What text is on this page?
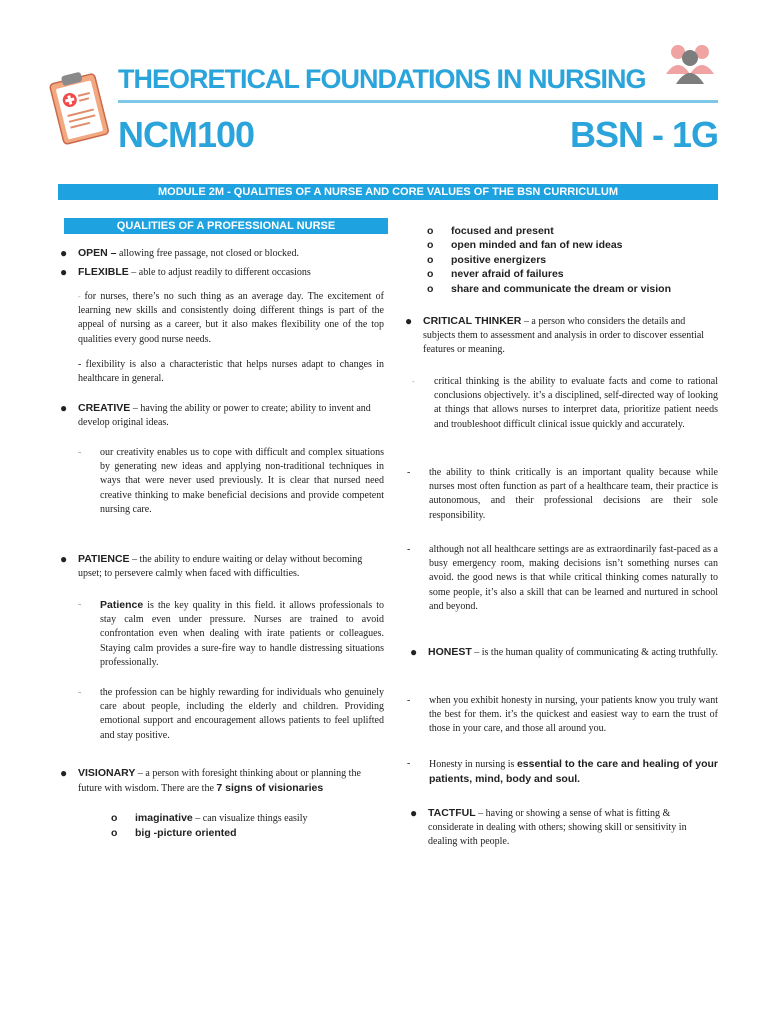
THEORETICAL FOUNDATIONS IN NURSING
NCM100	BSN - 1G
MODULE 2M - QUALITIES OF A NURSE AND CORE VALUES OF THE BSN CURRICULUM
QUALITIES OF A PROFESSIONAL NURSE
● OPEN – allowing free passage, not closed or blocked.
● FLEXIBLE – able to adjust readily to different occasions
- for nurses, there’s no such thing as an average day. The excitement of learning new skills and consistently doing different things is part of the appeal of nursing as a career, but it also makes flexibility one of the top qualities every good nurse needs.
- flexibility is also a characteristic that helps nurses adapt to changes in healthcare in general.
● CREATIVE – having the ability or power to create; ability to invent and develop original ideas.
- our creativity enables us to cope with difficult and complex situations by generating new ideas and applying non-traditional techniques in ways that were never used previously. It is clear that nursed need creative thinking to make beneficial decisions and provide competent nursing care.
● PATIENCE – the ability to endure waiting or delay without becoming upset; to persevere calmly when faced with difficulties.
- Patience is the key quality in this field. it allows professionals to stay calm even under pressure. Nurses are trained to avoid confrontation even when dealing with irate patients or colleagues. Staying calm provides a sure-fire way to handle distressing situations professionally.
- the profession can be highly rewarding for individuals who genuinely care about people, including the elderly and children. Providing emotional support and encouragement allows patients to feel uplifted and stay positive.
● VISIONARY – a person with foresight thinking about or planning the future with wisdom. There are the 7 signs of visionaries
o imaginative – can visualize things easily
o big -picture oriented
o focused and present
o open minded and fan of new ideas
o positive energizers
o never afraid of failures
o share and communicate the dream or vision
● CRITICAL THINKER – a person who considers the details and subjects them to assessment and analysis in order to discover essential features or meaning.
- critical thinking is the ability to evaluate facts and come to rational conclusions objectively. it’s a disciplined, self-directed way of looking at things that allows nurses to interpret data, prioritize patient needs and troubleshoot difficult clinical issue quickly and accurately.
- the ability to think critically is an important quality because while nurses most often function as part of a healthcare team, their practice is autonomous, and their professional decisions are their sole responsibility.
- although not all healthcare settings are as extraordinarily fast-paced as a busy emergency room, making decisions isn’t something nurses can avoid. the good news is that while critical thinking comes naturally to some people, it’s also a skill that can be learned and nurtured in school and beyond.
● HONEST – is the human quality of communicating & acting truthfully.
- when you exhibit honesty in nursing, your patients know you truly want the best for them. it’s the quickest and easiest way to earn the trust of those in your care, and those all around you.
- Honesty in nursing is essential to the care and healing of your patients, mind, body and soul.
● TACTFUL – having or showing a sense of what is fitting & considerate in dealing with others; showing skill or sensitivity in dealing with people.
